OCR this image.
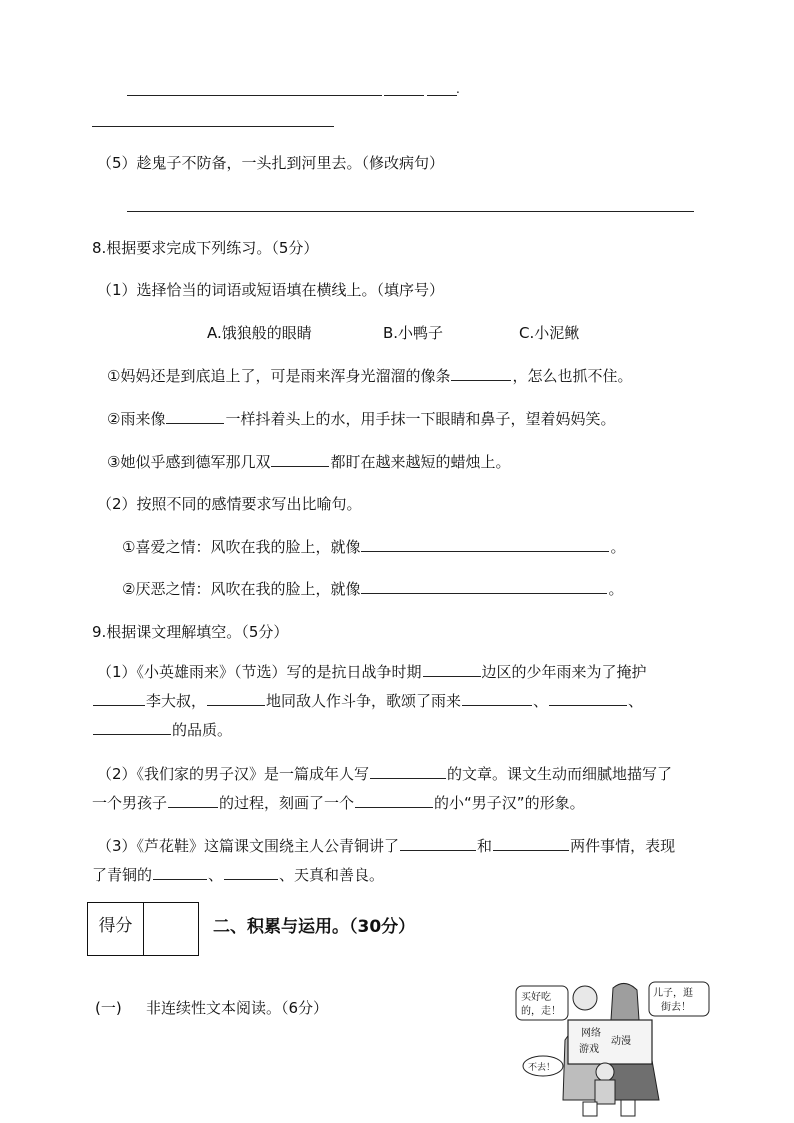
.
（5）趁鬼子不防备，一头扎到河里去。（修改病句）
8.根据要求完成下列练习。（5分）
（1）选择恰当的词语或短语填在横线上。（填序号）
A.饿狼般的眼睛	B.小鸭子	C.小泥鳅
①妈妈还是到底追上了，可是雨来浑身光溜溜的像条	，怎么也抓不住。
②雨来像	一样抖着头上的水，用手抹一下眼睛和鼻子，望着妈妈笑。
③她似乎感到德军那几双	都盯在越来越短的蜡烛上。
（2）按照不同的感情要求写出比喻句。
①喜爱之情：风吹在我的脸上，就像	。
②厌恶之情：风吹在我的脸上，就像	。
9.根据课文理解填空。（5分）
（1）《小英雄雨来》（节选）写的是抗日战争时期	边区的少年雨来为了掩护
李大叔，	地同敌人作斗争，歌颂了雨来	、	、
的品质。
（2）《我们家的男子汉》是一篇成年人写	的文章。课文生动而细腻地描写了
一个男孩子	的过程，刻画了一个	的小“男子汉”的形象。
（3）《芦花鞋》这篇课文围绕主人公青铜讲了	和	两件事情，表现
了青铜的	、	、天真和善良。
得分	二、积累与运用。（30分）
(一) 非连续性文本阅读。（6分）
买好吃
的，走！
儿子，逛
街去！
网络
游戏
动漫
不去！
